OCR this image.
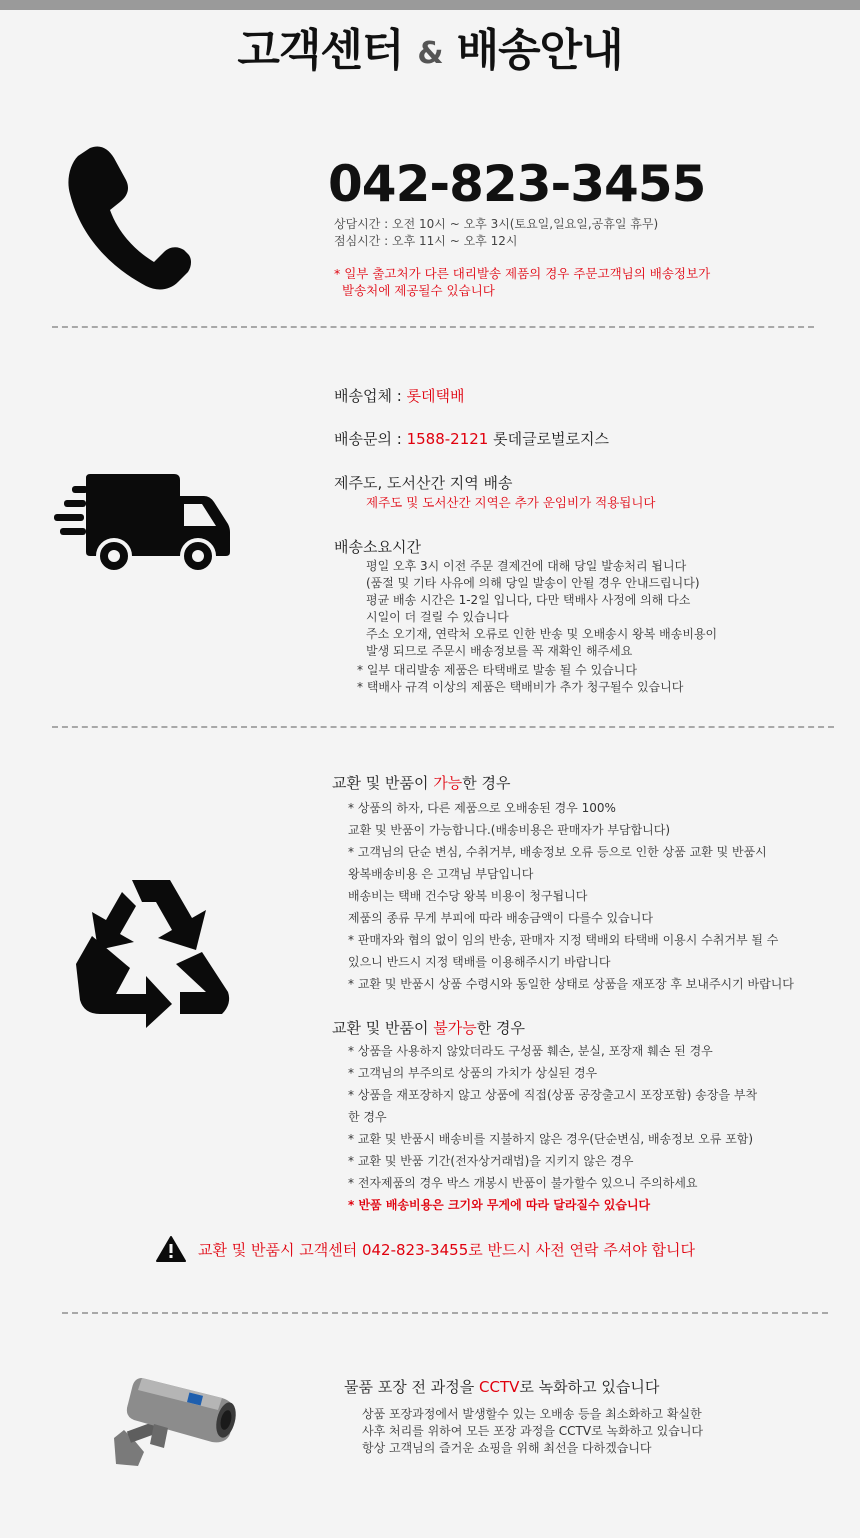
고객센터 & 배송안내
042-823-3455
상담시간 : 오전 10시 ~ 오후 3시(토요일,일요일,공휴일 휴무)
점심시간 : 오후 11시 ~ 오후 12시
* 일부 출고처가 다른 대리발송 제품의 경우 주문고객님의 배송정보가
발송처에 제공될수 있습니다
배송업체 : 롯데택배
배송문의 : 1588-2121 롯데글로벌로지스
제주도, 도서산간 지역 배송
제주도 및 도서산간 지역은 추가 운임비가 적용됩니다
배송소요시간
평일 오후 3시 이전 주문 결제건에 대해 당일 발송처리 됩니다
(품절 및 기타 사유에 의해 당일 발송이 안될 경우 안내드립니다)
평균 배송 시간은 1-2일 입니다, 다만 택배사 사정에 의해 다소
시일이 더 걸릴 수 있습니다
주소 오기재, 연락처 오류로 인한 반송 및 오배송시 왕복 배송비용이
발생 되므로 주문시 배송정보를 꼭 재확인 해주세요
* 일부 대리발송 제품은 타택배로 발송 될 수 있습니다
* 택배사 규격 이상의 제품은 택배비가 추가 청구될수 있습니다
교환 및 반품이 가능한 경우
* 상품의 하자, 다른 제품으로 오배송된 경우 100%
교환 및 반품이 가능합니다.(배송비용은 판매자가 부담합니다)
* 고객님의 단순 변심, 수취거부, 배송정보 오류 등으로 인한 상품 교환 및 반품시
왕복배송비용 은 고객님 부담입니다
배송비는 택배 건수당 왕복 비용이 청구됩니다
제품의 종류 무게 부피에 따라 배송금액이 다를수 있습니다
* 판매자와 협의 없이 임의 반송, 판매자 지정 택배외 타택배 이용시 수취거부 될 수
있으니 반드시 지정 택배를 이용해주시기 바랍니다
* 교환 및 반품시 상품 수령시와 동일한 상태로 상품을 재포장 후 보내주시기 바랍니다
교환 및 반품이 불가능한 경우
* 상품을 사용하지 않았더라도 구성품 훼손, 분실, 포장재 훼손 된 경우
* 고객님의 부주의로 상품의 가치가 상실된 경우
* 상품을 재포장하지 않고 상품에 직접(상품 공장출고시 포장포함) 송장을 부착
한 경우
* 교환 및 반품시 배송비를 지불하지 않은 경우(단순변심, 배송정보 오류 포함)
* 교환 및 반품 기간(전자상거래법)을 지키지 않은 경우
* 전자제품의 경우 박스 개봉시 반품이 불가할수 있으니 주의하세요
* 반품 배송비용은 크기와 무게에 따라 달라질수 있습니다
교환 및 반품시 고객센터 042-823-3455로 반드시 사전 연락 주셔야 합니다
물품 포장 전 과정을 CCTV로 녹화하고 있습니다
상품 포장과정에서 발생할수 있는 오배송 등을 최소화하고 확실한
사후 처리를 위하여 모든 포장 과정을 CCTV로 녹화하고 있습니다
항상 고객님의 즐거운 쇼핑을 위해 최선을 다하겠습니다
